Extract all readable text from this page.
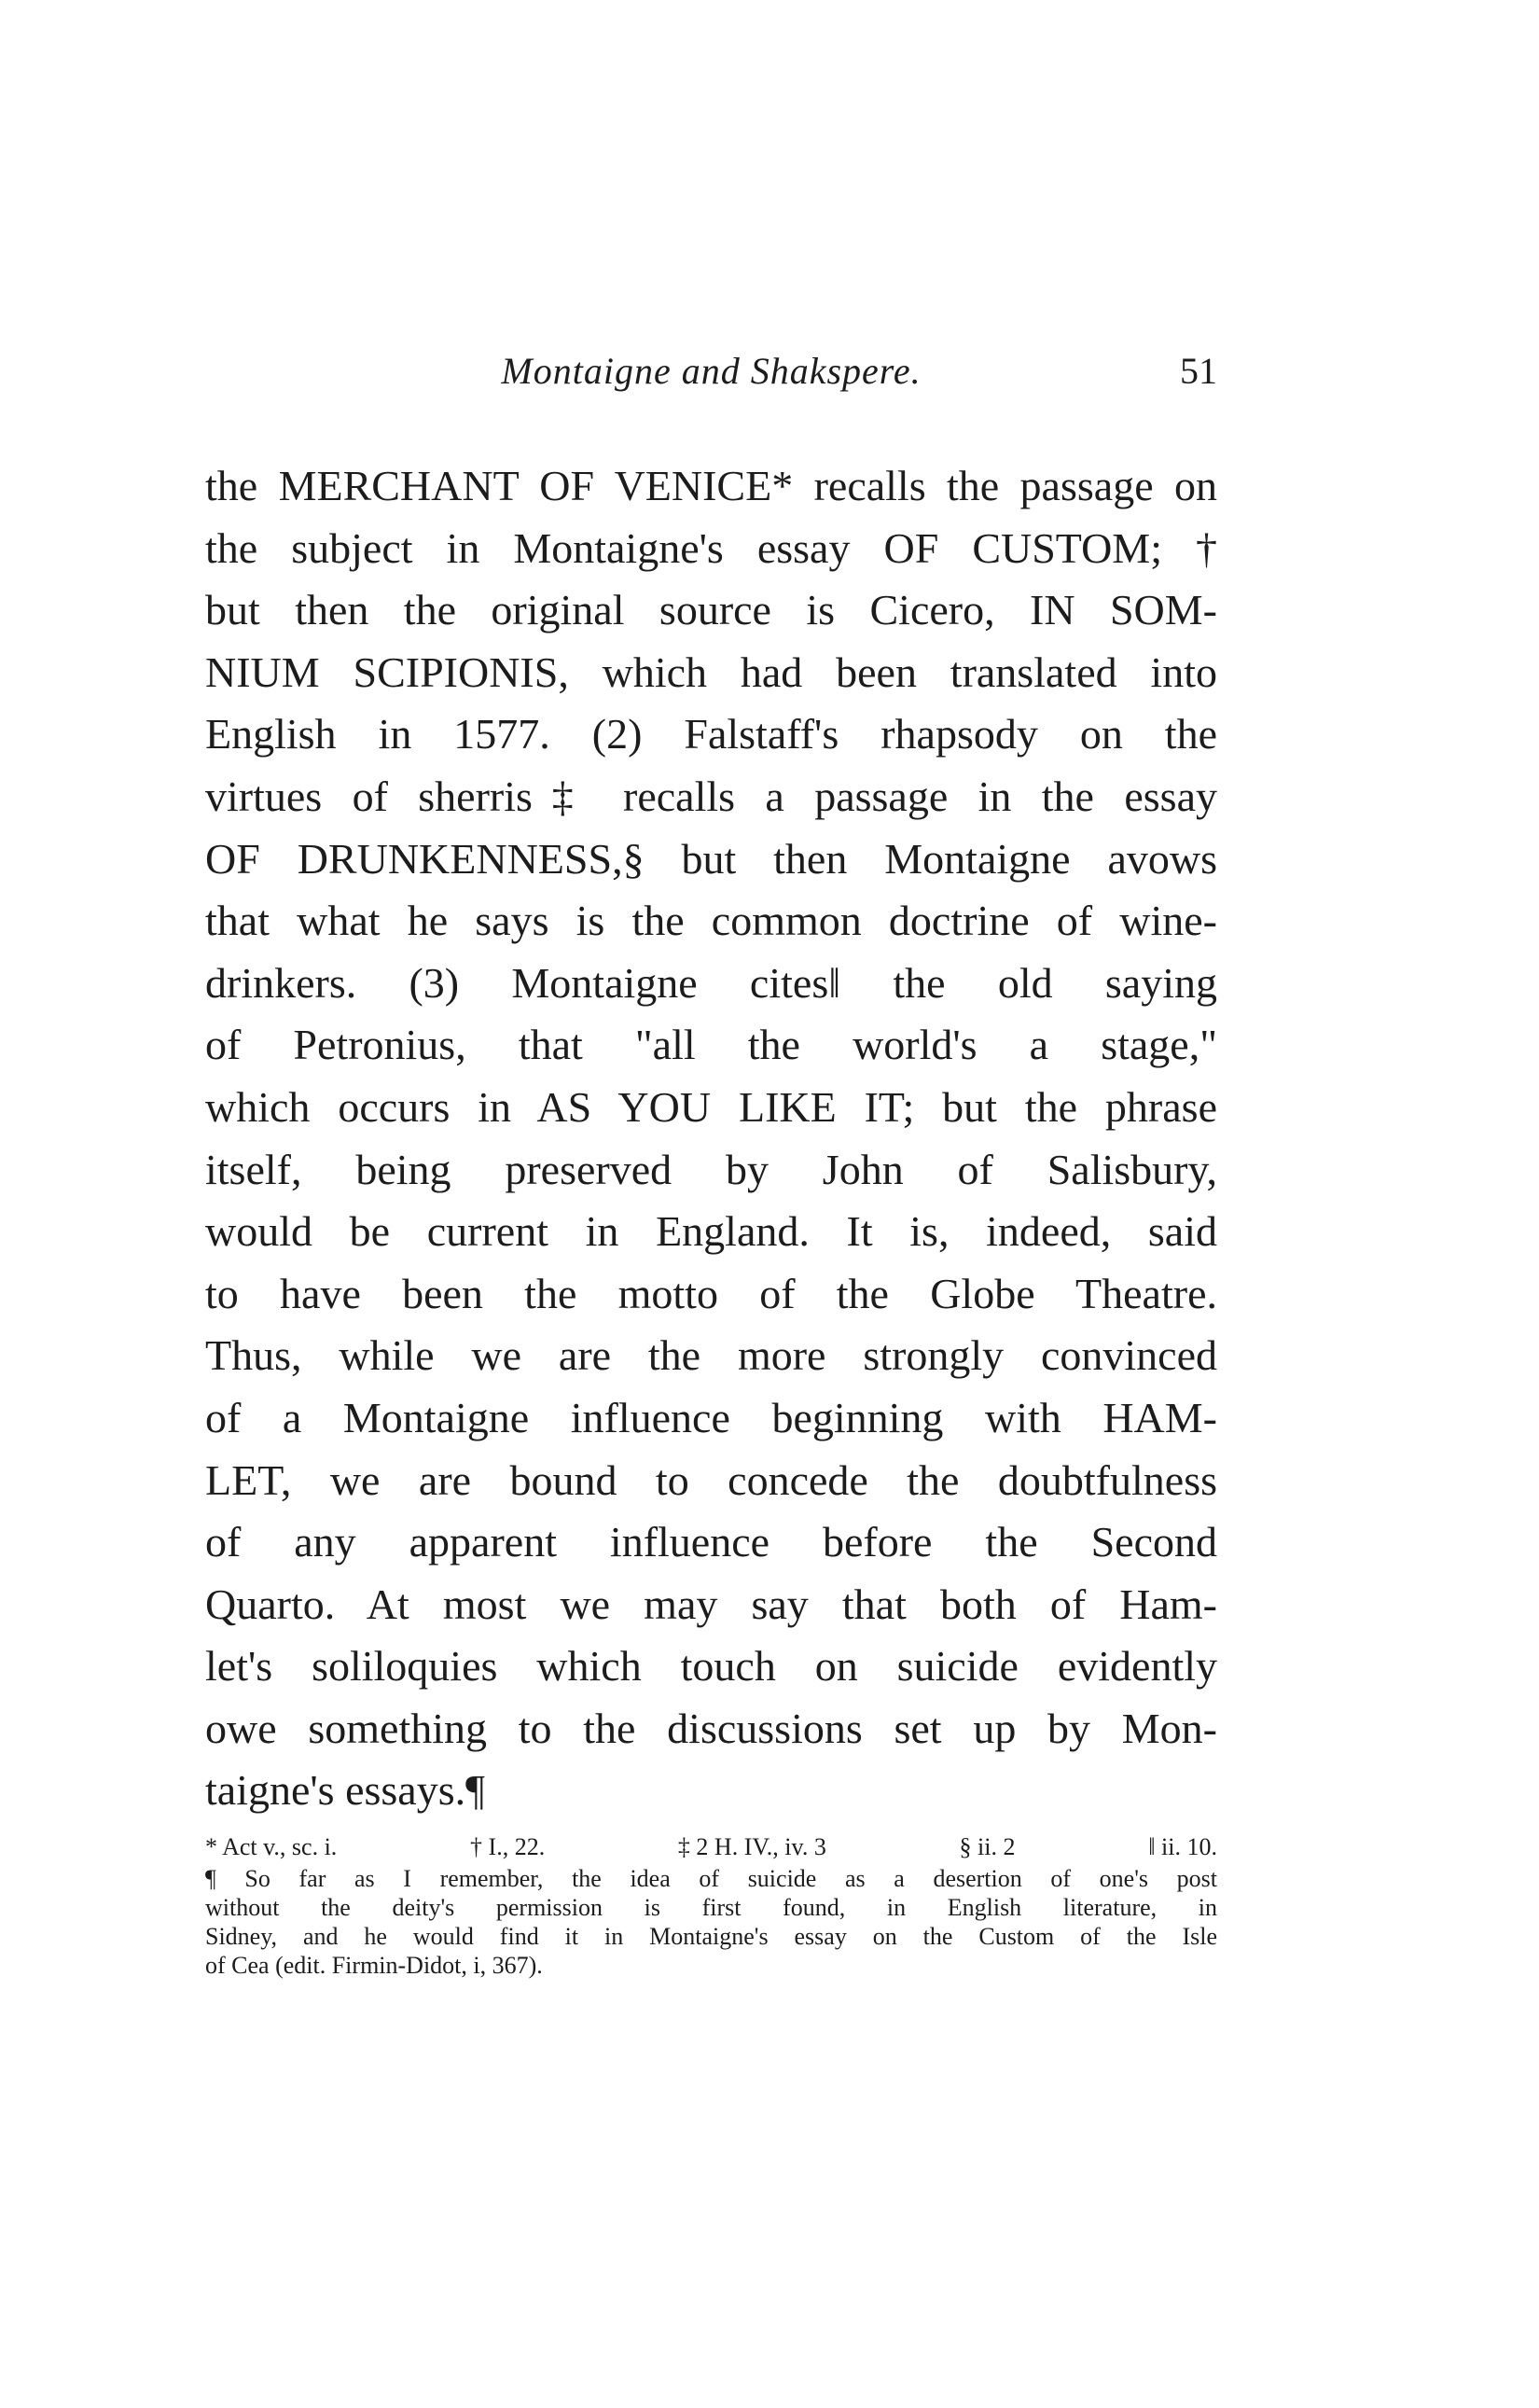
Montaigne and Shakspere.	51
the MERCHANT OF VENICE* recalls the passage on
the subject in Montaigne's essay OF CUSTOM; †
but then the original source is Cicero, IN SOM-
NIUM SCIPIONIS, which had been translated into
English in 1577. (2) Falstaff's rhapsody on the
virtues of sherris‡ recalls a passage in the essay
OF DRUNKENNESS,§ but then Montaigne avows
that what he says is the common doctrine of wine-
drinkers. (3) Montaigne cites‖ the old saying
of Petronius, that "all the world's a stage,"
which occurs in AS YOU LIKE IT; but the phrase
itself, being preserved by John of Salisbury,
would be current in England. It is, indeed, said
to have been the motto of the Globe Theatre.
Thus, while we are the more strongly convinced
of a Montaigne influence beginning with HAM-
LET, we are bound to concede the doubtfulness
of any apparent influence before the Second
Quarto. At most we may say that both of Ham-
let's soliloquies which touch on suicide evidently
owe something to the discussions set up by Mon-
taigne's essays.¶
* Act v., sc. i.	† I., 22.	‡ 2 H. IV., iv. 3	§ ii. 2	‖ ii. 10.
¶ So far as I remember, the idea of suicide as a desertion of one's post
without the deity's permission is first found, in English literature, in
Sidney, and he would find it in Montaigne's essay on the Custom of the Isle
of Cea (edit. Firmin-Didot, i, 367).
